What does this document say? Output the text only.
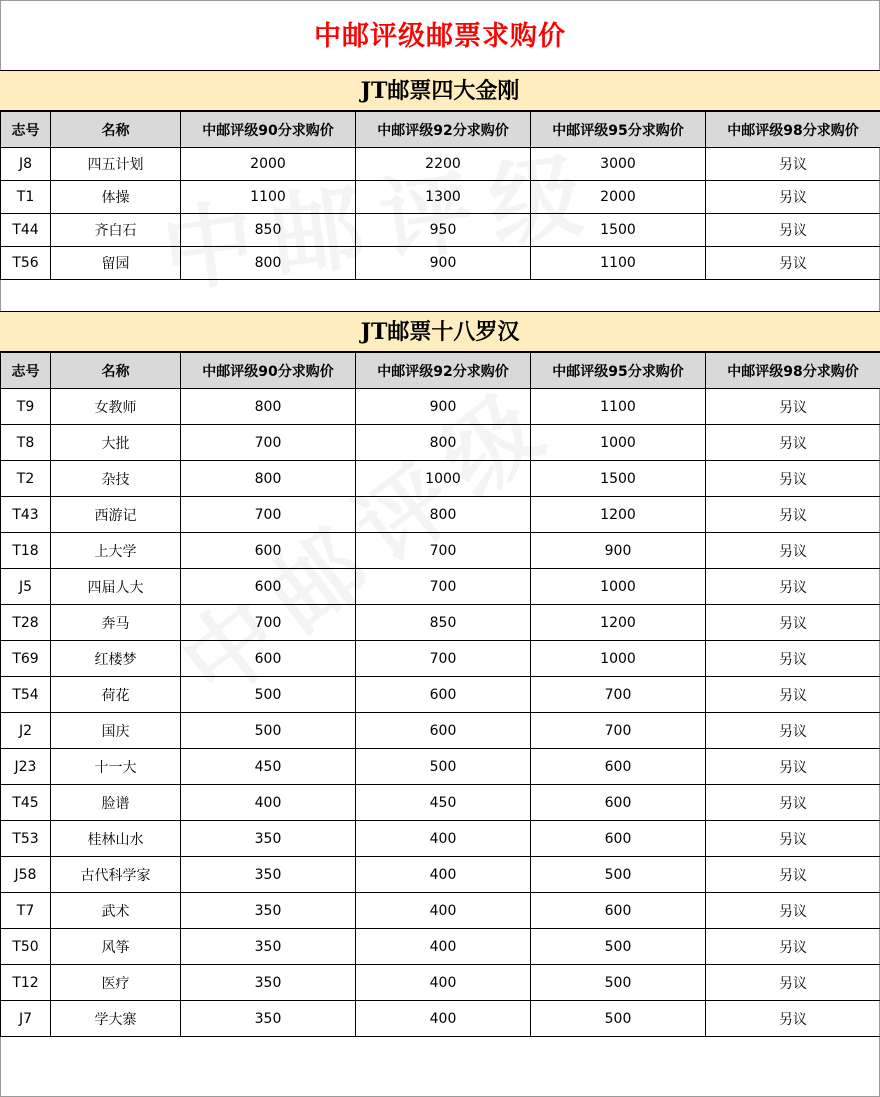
中邮评级邮票求购价
JT邮票四大金刚
志号	名称	中邮评级90分求购价	中邮评级92分求购价	中邮评级95分求购价	中邮评级98分求购价
J8	四五计划	2000	2200	3000	另议
T1	体操	1100	1300	2000	另议
T44	齐白石	850	950	1500	另议
T56	留园	800	900	1100	另议
JT邮票十八罗汉
志号	名称	中邮评级90分求购价	中邮评级92分求购价	中邮评级95分求购价	中邮评级98分求购价
T9	女教师	800	900	1100	另议
T8	大批	700	800	1000	另议
T2	杂技	800	1000	1500	另议
T43	西游记	700	800	1200	另议
T18	上大学	600	700	900	另议
J5	四届人大	600	700	1000	另议
T28	奔马	700	850	1200	另议
T69	红楼梦	600	700	1000	另议
T54	荷花	500	600	700	另议
J2	国庆	500	600	700	另议
J23	十一大	450	500	600	另议
T45	脸谱	400	450	600	另议
T53	桂林山水	350	400	600	另议
J58	古代科学家	350	400	500	另议
T7	武术	350	400	600	另议
T50	风筝	350	400	500	另议
T12	医疗	350	400	500	另议
J7	学大寨	350	400	500	另议
